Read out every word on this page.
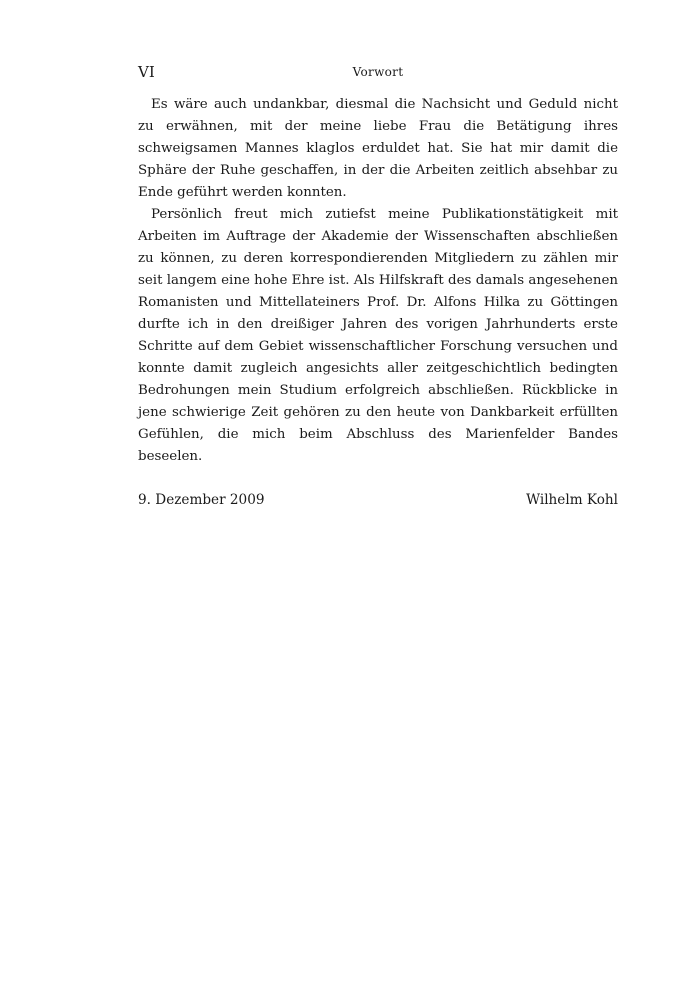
VI	Vorwort

Es wäre auch undankbar, diesmal die Nachsicht und Geduld nicht zu erwähnen, mit der meine liebe Frau die Betätigung ihres schweigsamen Mannes klaglos erduldet hat. Sie hat mir damit die Sphäre der Ruhe geschaffen, in der die Arbeiten zeitlich absehbar zu Ende geführt werden konnten.

Persönlich freut mich zutiefst meine Publikationstätigkeit mit Arbeiten im Auftrage der Akademie der Wissenschaften abschließen zu können, zu deren korrespondierenden Mitgliedern zu zählen mir seit langem eine hohe Ehre ist. Als Hilfskraft des damals angesehenen Romanisten und Mittellateiners Prof. Dr. Alfons Hilka zu Göttingen durfte ich in den dreißiger Jahren des vorigen Jahrhunderts erste Schritte auf dem Gebiet wissenschaftlicher Forschung versuchen und konnte damit zugleich angesichts aller zeitgeschichtlich bedingten Bedrohungen mein Studium erfolgreich abschließen. Rückblicke in jene schwierige Zeit gehören zu den heute von Dankbarkeit erfüllten Gefühlen, die mich beim Abschluss des Marienfelder Bandes beseelen.

9. Dezember 2009	Wilhelm Kohl
